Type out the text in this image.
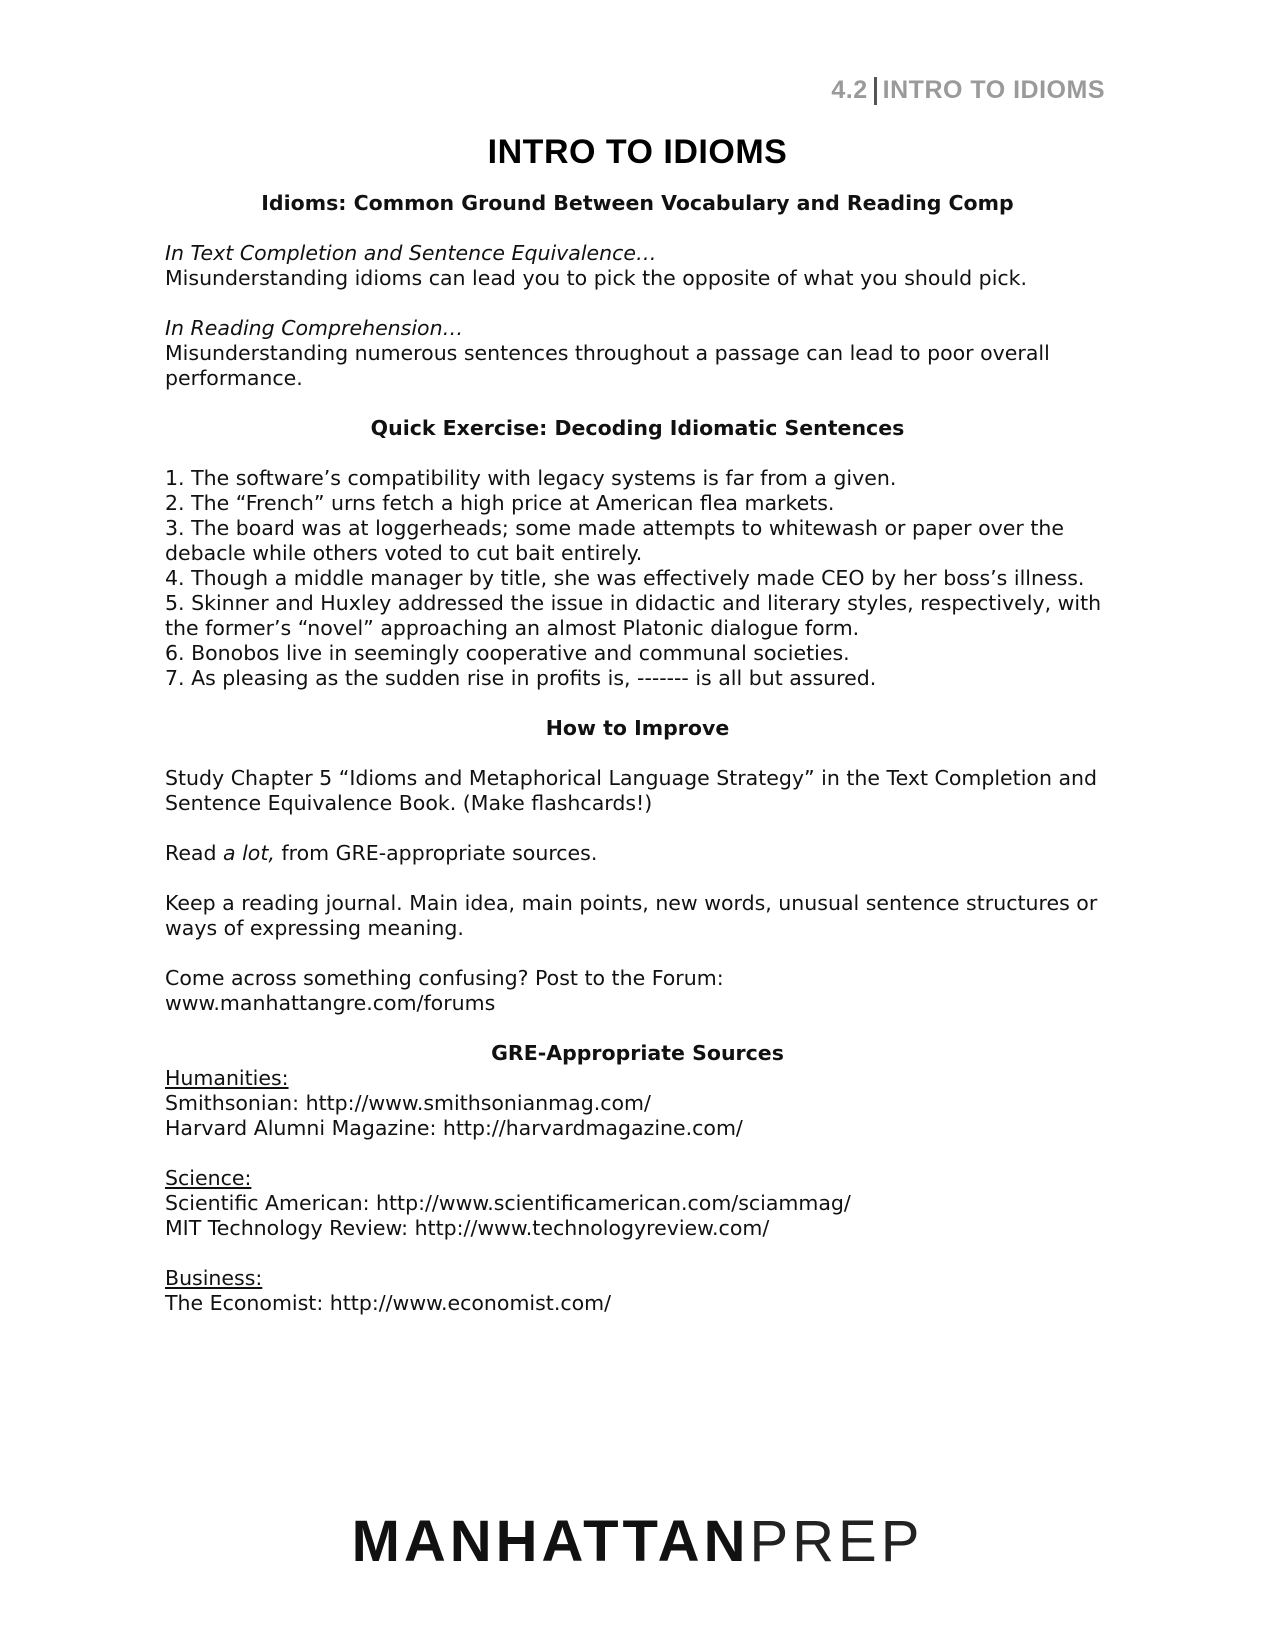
4.2 INTRO TO IDIOMS
INTRO TO IDIOMS

Idioms: Common Ground Between Vocabulary and Reading Comp

In Text Completion and Sentence Equivalence…

Misunderstanding idioms can lead you to pick the opposite of what you should pick.

In Reading Comprehension…

Misunderstanding numerous sentences throughout a passage can lead to poor overall performance.

Quick Exercise: Decoding Idiomatic Sentences

1. The software’s compatibility with legacy systems is far from a given.
2. The “French” urns fetch a high price at American flea markets.
3. The board was at loggerheads; some made attempts to whitewash or paper over the debacle while others voted to cut bait entirely.
4. Though a middle manager by title, she was effectively made CEO by her boss’s illness.
5. Skinner and Huxley addressed the issue in didactic and literary styles, respectively, with the former’s “novel” approaching an almost Platonic dialogue form.
6. Bonobos live in seemingly cooperative and communal societies.
7. As pleasing as the sudden rise in profits is, ------- is all but assured.

How to Improve

Study Chapter 5 “Idioms and Metaphorical Language Strategy” in the Text Completion and Sentence Equivalence Book. (Make flashcards!)

Read a lot, from GRE-appropriate sources.

Keep a reading journal. Main idea, main points, new words, unusual sentence structures or ways of expressing meaning.

Come across something confusing? Post to the Forum:

www.manhattangre.com/forums

GRE-Appropriate Sources

Humanities:

Smithsonian: http://www.smithsonianmag.com/

Harvard Alumni Magazine: http://harvardmagazine.com/

Science:

Scientific American: http://www.scientificamerican.com/sciammag/

MIT Technology Review: http://www.technologyreview.com/

Business:

The Economist: http://www.economist.com/

MANHATTANPREP
